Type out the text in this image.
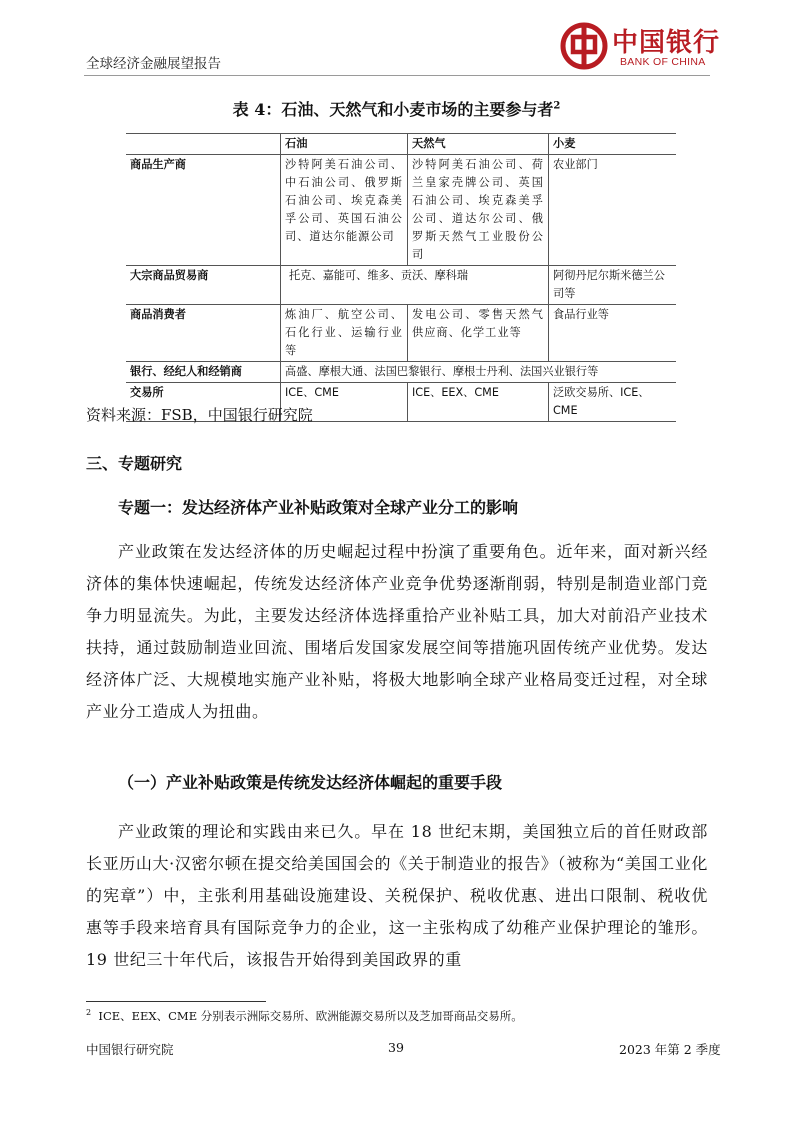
全球经济金融展望报告
中国银行
BANK OF CHINA
表 4：石油、天然气和小麦市场的主要参与者$^2$
	石油	天然气	小麦
商品生产商	沙特阿美石油公司、中石油公司、俄罗斯石油公司、埃克森美孚公司、英国石油公司、道达尔能源公司	沙特阿美石油公司、荷兰皇家壳牌公司、英国石油公司、埃克森美孚公司、道达尔公司、俄罗斯天然气工业股份公司	农业部门
大宗商品贸易商	托克、嘉能可、维多、贡沃、摩科瑞		阿彻丹尼尔斯米德兰公司等
商品消费者	炼油厂、航空公司、石化行业、运输行业等	发电公司、零售天然气供应商、化学工业等	食品行业等
银行、经纪人和经销商	高盛、摩根大通、法国巴黎银行、摩根士丹利、法国兴业银行等		
交易所	ICE、CME	ICE、EEX、CME	泛欧交易所、ICE、CME
资料来源：FSB，中国银行研究院
三、专题研究
专题一：发达经济体产业补贴政策对全球产业分工的影响
产业政策在发达经济体的历史崛起过程中扮演了重要角色。近年来，面对新兴经济体的集体快速崛起，传统发达经济体产业竞争优势逐渐削弱，特别是制造业部门竞争力明显流失。为此，主要发达经济体选择重拾产业补贴工具，加大对前沿产业技术扶持，通过鼓励制造业回流、围堵后发国家发展空间等措施巩固传统产业优势。发达经济体广泛、大规模地实施产业补贴，将极大地影响全球产业格局变迁过程，对全球产业分工造成人为扭曲。
（一）产业补贴政策是传统发达经济体崛起的重要手段
产业政策的理论和实践由来已久。早在 18 世纪末期，美国独立后的首任财政部长亚历山大·汉密尔顿在提交给美国国会的《关于制造业的报告》（被称为“美国工业化的宪章”）中，主张利用基础设施建设、关税保护、税收优惠、进出口限制、税收优惠等手段来培育具有国际竞争力的企业，这一主张构成了幼稚产业保护理论的雏形。19 世纪三十年代后，该报告开始得到美国政界的重
$^2$ ICE、EEX、CME 分别表示洲际交易所、欧洲能源交易所以及芝加哥商品交易所。
中国银行研究院	39	2023 年第 2 季度
